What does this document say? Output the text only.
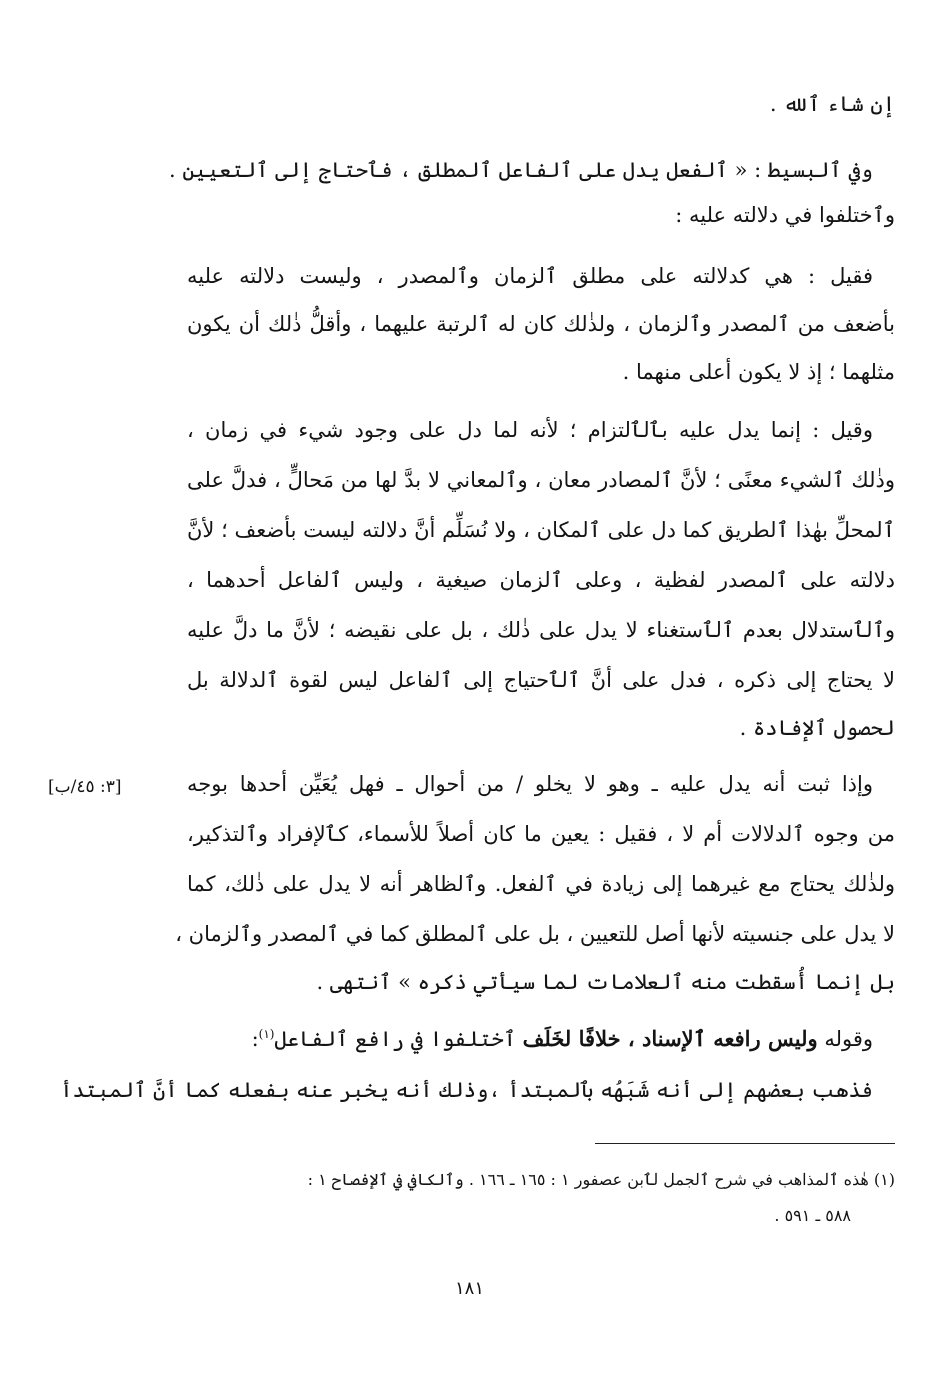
إن شاء ٱلله .
وفي ٱلبسيط : « ٱلفعل يدل على ٱلفاعل ٱلمطلق ، فٱحتاج إلى ٱلتعيين .
وٱختلفوا في دلالته عليه :
فقيل : هي كدلالته على مطلق ٱلزمان وٱلمصدر ، وليست دلالته عليه
بأضعف من ٱلمصدر وٱلزمان ، ولذٰلك كان له ٱلرتبة عليهما ، وأقلُّ ذٰلك أن يكون
مثلهما ؛ إذ لا يكون أعلى منهما .
وقيل : إنما يدل عليه بٱلٱلتزام ؛ لأنه لما دل على وجود شيء في زمان ،
وذٰلك ٱلشيء معنًى ؛ لأنَّ ٱلمصادر معان ، وٱلمعاني لا بدَّ لها من مَحالٍّ ، فدلَّ على
ٱلمحلِّ بهٰذا ٱلطريق كما دل على ٱلمكان ، ولا نُسَلِّم أنَّ دلالته ليست بأضعف ؛ لأنَّ
دلالته على ٱلمصدر لفظية ، وعلى ٱلزمان صيغية ، وليس ٱلفاعل أحدهما ،
وٱلٱستدلال بعدم ٱلٱستغناء لا يدل على ذٰلك ، بل على نقيضه ؛ لأنَّ ما دلَّ عليه
لا يحتاج إلى ذكره ، فدل على أنَّ ٱلٱحتياج إلى ٱلفاعل ليس لقوة ٱلدلالة بل
لحصول ٱلإفادة .
وإذا ثبت أنه يدل عليه ـ وهو لا يخلو / من أحوال ـ فهل يُعَيِّن أحدها بوجه
من وجوه ٱلدلالات أم لا ، فقيل : يعين ما كان أصلاً للأسماء، كٱلإفراد وٱلتذكير،
ولذٰلك يحتاج مع غيرهما إلى زيادة في ٱلفعل. وٱلظاهر أنه لا يدل على ذٰلك، كما
لا يدل على جنسيته لأنها أصل للتعيين ، بل على ٱلمطلق كما في ٱلمصدر وٱلزمان ،
بل إنما أُسقطت منه ٱلعلامات لما سيأتي ذكره » ٱنتهى .
وقوله وليس رافعه ٱلإسناد ، خلافًا لخَلَف ٱختلفوا في رافع ٱلفاعل$^{(١)}$:
فذهب بعضهم إلى أنه شَبَهُه بٱلمبتدأ ،وذٰلك أنه يخبر عنه بفعله كما أنَّ ٱلمبتدأ
[٣: ٤٥/ب]
(١) هٰذه ٱلمذاهب في شرح ٱلجمل لٱبن عصفور ١ : ١٦٥ ـ ١٦٦ . وٱلكافي في ٱلإفصاح ١ :
٥٨٨ ـ ٥٩١ .
١٨١
